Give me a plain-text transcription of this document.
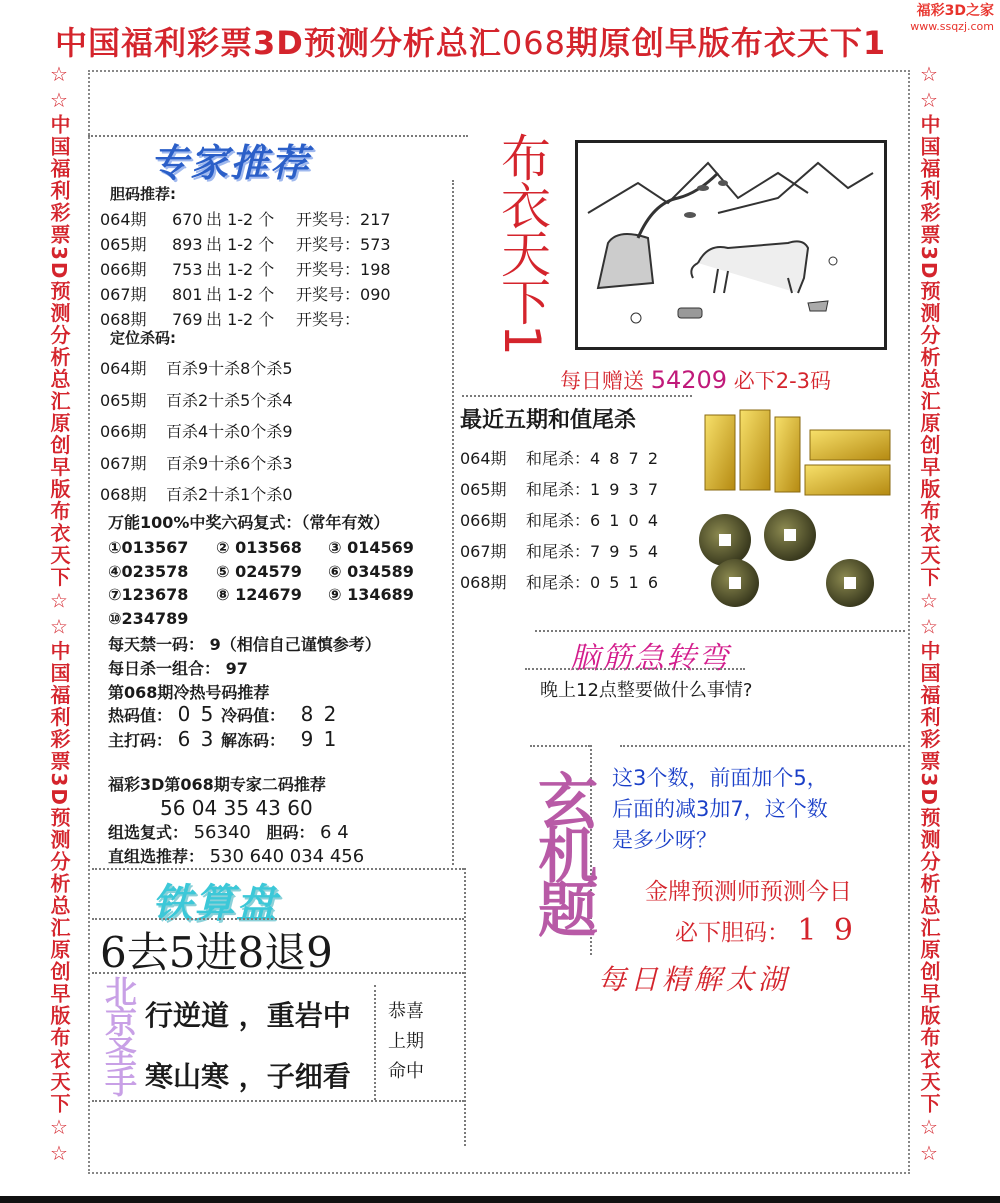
中国福利彩票3D预测分析总汇068期原创早版布衣天下1
福彩3D之家
www.ssqzj.com
☆☆中国福利彩票3D预测分析总汇原创早版布衣天下☆☆中国福利彩票3D预测分析总汇原创早版布衣天下☆☆	☆☆中国福利彩票3D预测分析总汇原创早版布衣天下☆☆中国福利彩票3D预测分析总汇原创早版布衣天下☆☆
专家推荐
胆码推荐:
064期 670 出 1-2 个 开奖号：217
065期 893 出 1-2 个 开奖号：573
066期 753 出 1-2 个 开奖号：198
067期 801 出 1-2 个 开奖号：090
068期 769 出 1-2 个 开奖号：
定位杀码:
064期 百杀9十杀8个杀5
065期 百杀2十杀5个杀4
066期 百杀4十杀0个杀9
067期 百杀9十杀6个杀3
068期 百杀2十杀1个杀0
万能100%中奖六码复式：（常年有效）
①013567 ② 013568 ③ 014569
④023578 ⑤ 024579 ⑥ 034589
⑦123678 ⑧ 124679 ⑨ 134689
⑩234789
每天禁一码： 9（相信自己谨慎参考）
每日杀一组合： 97
第068期冷热号码推荐
热码值： 0 5 冷码值： 8 2
主打码： 6 3 解冻码： 9 1
福彩3D第068期专家二码推荐
56 04 35 43 60
组选复式： 56340 胆码： 6 4
直组选推荐： 530 640 034 456
布衣天下1
每日赠送 54209 必下2-3码
最近五期和值尾杀
064期 和尾杀：4 8 7 2
065期 和尾杀：1 9 3 7
066期 和尾杀：6 1 0 4
067期 和尾杀：7 9 5 4
068期 和尾杀：0 5 1 6
脑筋急转弯
晚上12点整要做什么事情?
玄机题 这3个数，前面加个5，
后面的减3加7，这个数
是多少呀？
金牌预测师预测今日
必下胆码： 1 9
每日精解太湖
铁算盘
6去5进8退9
北京圣手 行逆道 ，重岩中
寒山寒 ，子细看
恭喜
上期
命中
